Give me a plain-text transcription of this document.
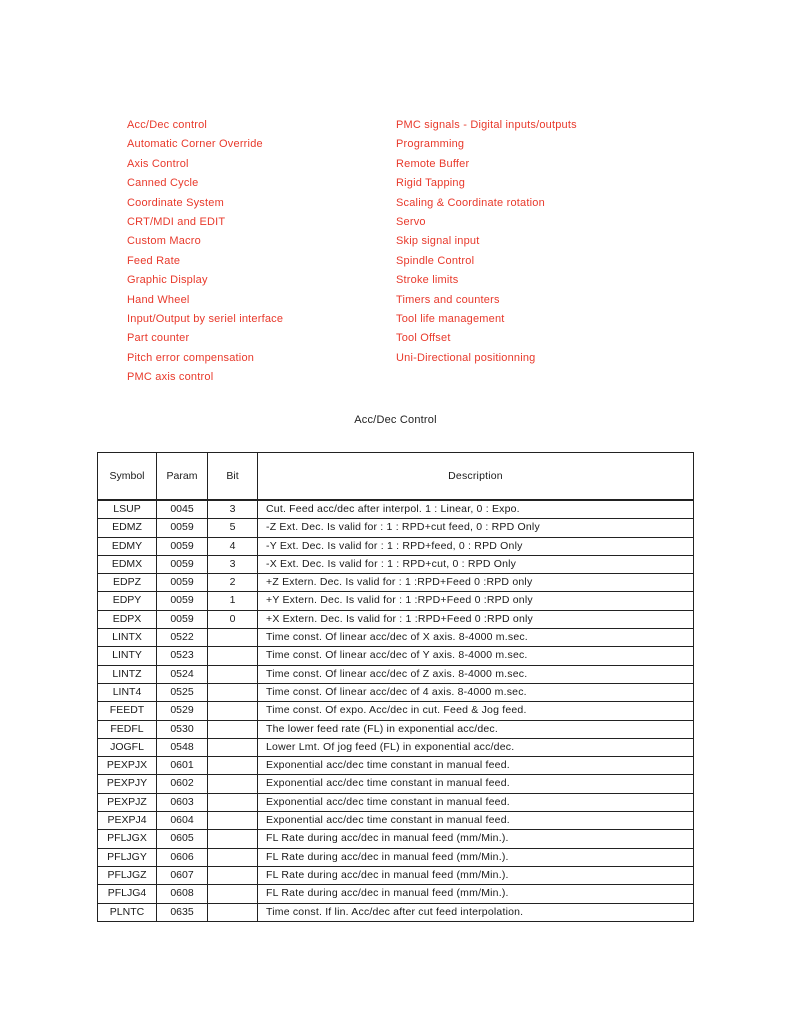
Acc/Dec control
Automatic Corner Override
Axis Control
Canned Cycle
Coordinate System
CRT/MDI and EDIT
Custom Macro
Feed Rate
Graphic Display
Hand Wheel
Input/Output by seriel interface
Part counter
Pitch error compensation
PMC axis control
PMC signals - Digital inputs/outputs
Programming
Remote Buffer
Rigid Tapping
Scaling & Coordinate rotation
Servo
Skip signal input
Spindle Control
Stroke limits
Timers and counters
Tool life management
Tool Offset
Uni-Directional positionning
Acc/Dec Control
Symbol	Param	Bit	Description
LSUP	0045	3	Cut. Feed acc/dec after interpol. 1 : Linear, 0 : Expo.
EDMZ	0059	5	-Z Ext. Dec. Is valid for : 1 : RPD+cut feed, 0 : RPD Only
EDMY	0059	4	-Y Ext. Dec. Is valid for : 1 : RPD+feed, 0 : RPD Only
EDMX	0059	3	-X Ext. Dec. Is valid for : 1 : RPD+cut, 0 : RPD Only
EDPZ	0059	2	+Z Extern. Dec. Is valid for : 1 :RPD+Feed 0 :RPD only
EDPY	0059	1	+Y Extern. Dec. Is valid for : 1 :RPD+Feed 0 :RPD only
EDPX	0059	0	+X Extern. Dec. Is valid for : 1 :RPD+Feed 0 :RPD only
LINTX	0522		Time const. Of linear acc/dec of X axis. 8-4000 m.sec.
LINTY	0523		Time const. Of linear acc/dec of Y axis. 8-4000 m.sec.
LINTZ	0524		Time const. Of linear acc/dec of Z axis. 8-4000 m.sec.
LINT4	0525		Time const. Of linear acc/dec of 4 axis. 8-4000 m.sec.
FEEDT	0529		Time const. Of expo. Acc/dec in cut. Feed & Jog feed.
FEDFL	0530		The lower feed rate (FL) in exponential acc/dec.
JOGFL	0548		Lower Lmt. Of jog feed (FL) in exponential acc/dec.
PEXPJX	0601		Exponential acc/dec time constant in manual feed.
PEXPJY	0602		Exponential acc/dec time constant in manual feed.
PEXPJZ	0603		Exponential acc/dec time constant in manual feed.
PEXPJ4	0604		Exponential acc/dec time constant in manual feed.
PFLJGX	0605		FL Rate during acc/dec in manual feed (mm/Min.).
PFLJGY	0606		FL Rate during acc/dec in manual feed (mm/Min.).
PFLJGZ	0607		FL Rate during acc/dec in manual feed (mm/Min.).
PFLJG4	0608		FL Rate during acc/dec in manual feed (mm/Min.).
PLNTC	0635		Time const. If lin. Acc/dec after cut feed interpolation.
